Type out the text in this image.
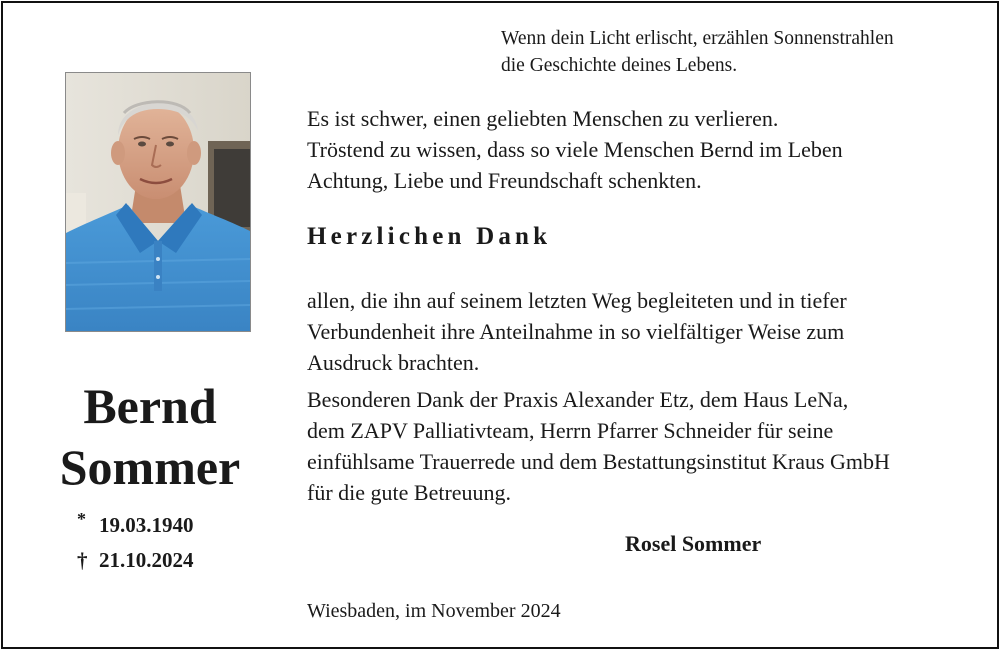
Wenn dein Licht erlischt, erzählen Sonnenstrahlen
die Geschichte deines Lebens.
Bernd
Sommer
* 19.03.1940
† 21.10.2024
Es ist schwer, einen geliebten Menschen zu verlieren.
Tröstend zu wissen, dass so viele Menschen Bernd im Leben
Achtung, Liebe und Freundschaft schenkten.
Herzlichen Dank
allen, die ihn auf seinem letzten Weg begleiteten und in tiefer
Verbundenheit ihre Anteilnahme in so vielfältiger Weise zum
Ausdruck brachten.
Besonderen Dank der Praxis Alexander Etz, dem Haus LeNa,
dem ZAPV Palliativteam, Herrn Pfarrer Schneider für seine
einfühlsame Trauerrede und dem Bestattungsinstitut Kraus GmbH
für die gute Betreuung.
Rosel Sommer
Wiesbaden, im November 2024
